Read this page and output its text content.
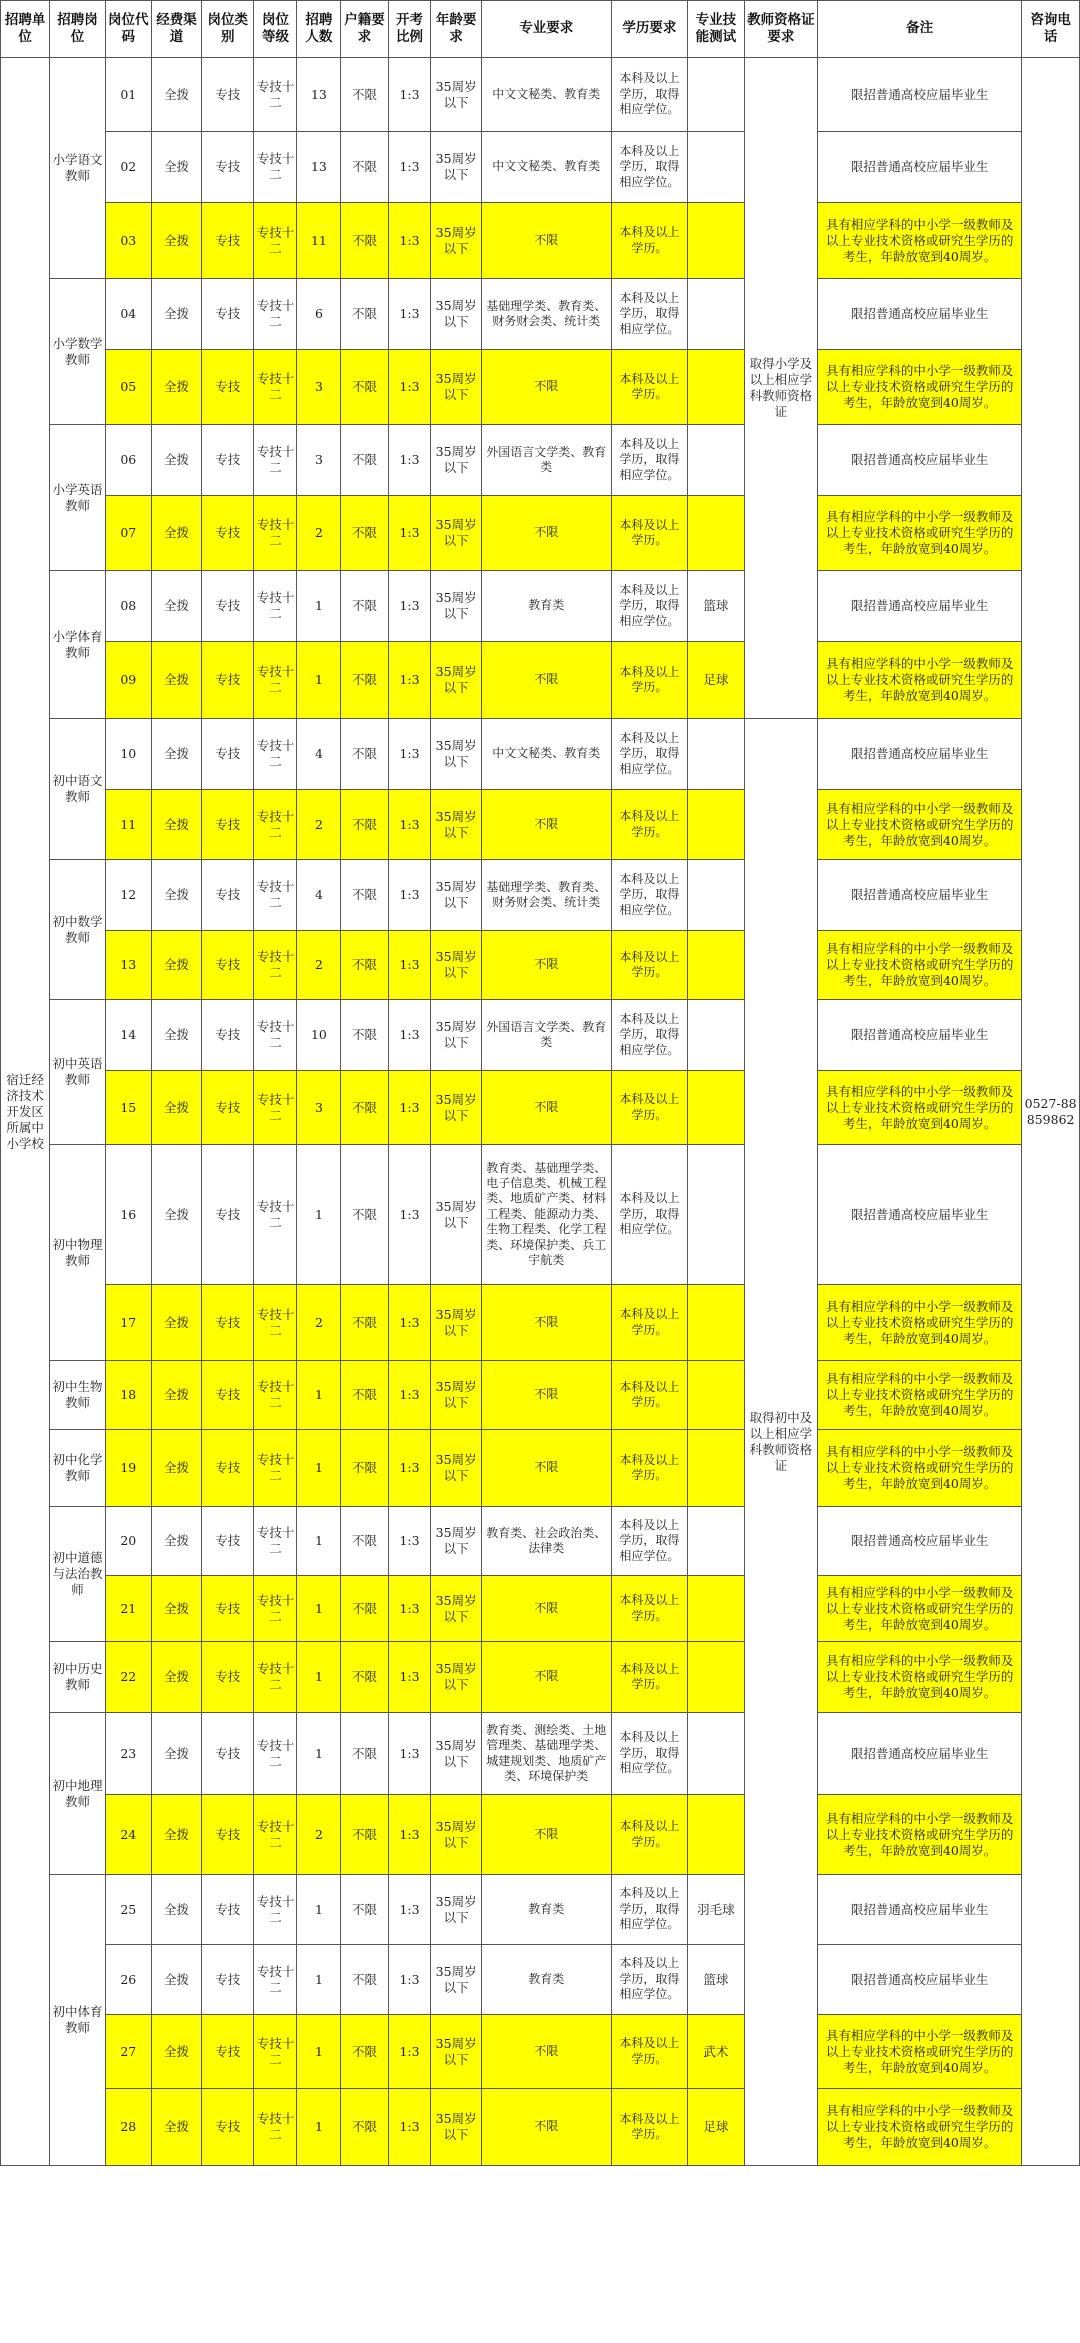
招聘单位	招聘岗位	岗位代码	经费渠道	岗位类别	岗位等级	招聘人数	户籍要求	开考比例	年龄要求	专业要求	学历要求	专业技能测试	教师资格证要求	备注	咨询电话
宿迁经济技术开发区所属中小学校	小学语文教师	01	全拨	专技	专技十二	13	不限	1:3	35周岁以下	中文文秘类、教育类	本科及以上学历，取得相应学位。		取得小学及以上相应学科教师资格证	限招普通高校应届毕业生	0527-88859862
		02	全拨	专技	专技十二	13	不限	1:3	35周岁以下	中文文秘类、教育类	本科及以上学历，取得相应学位。			限招普通高校应届毕业生	
		03	全拨	专技	专技十二	11	不限	1:3	35周岁以下	不限	本科及以上学历。			具有相应学科的中小学一级教师及以上专业技术资格或研究生学历的考生，年龄放宽到40周岁。	
	小学数学教师	04	全拨	专技	专技十二	6	不限	1:3	35周岁以下	基础理学类、教育类、财务财会类、统计类	本科及以上学历，取得相应学位。			限招普通高校应届毕业生	
		05	全拨	专技	专技十二	3	不限	1:3	35周岁以下	不限	本科及以上学历。			具有相应学科的中小学一级教师及以上专业技术资格或研究生学历的考生，年龄放宽到40周岁。	
	小学英语教师	06	全拨	专技	专技十二	3	不限	1:3	35周岁以下	外国语言文学类、教育类	本科及以上学历，取得相应学位。			限招普通高校应届毕业生	
		07	全拨	专技	专技十二	2	不限	1:3	35周岁以下	不限	本科及以上学历。			具有相应学科的中小学一级教师及以上专业技术资格或研究生学历的考生，年龄放宽到40周岁。	
	小学体育教师	08	全拨	专技	专技十二	1	不限	1:3	35周岁以下	教育类	本科及以上学历，取得相应学位。	篮球		限招普通高校应届毕业生	
		09	全拨	专技	专技十二	1	不限	1:3	35周岁以下	不限	本科及以上学历。	足球		具有相应学科的中小学一级教师及以上专业技术资格或研究生学历的考生，年龄放宽到40周岁。	
	初中语文教师	10	全拨	专技	专技十二	4	不限	1:3	35周岁以下	中文文秘类、教育类	本科及以上学历，取得相应学位。		取得初中及以上相应学科教师资格证	限招普通高校应届毕业生	
		11	全拨	专技	专技十二	2	不限	1:3	35周岁以下	不限	本科及以上学历。			具有相应学科的中小学一级教师及以上专业技术资格或研究生学历的考生，年龄放宽到40周岁。	
	初中数学教师	12	全拨	专技	专技十二	4	不限	1:3	35周岁以下	基础理学类、教育类、财务财会类、统计类	本科及以上学历，取得相应学位。			限招普通高校应届毕业生	
		13	全拨	专技	专技十二	2	不限	1:3	35周岁以下	不限	本科及以上学历。			具有相应学科的中小学一级教师及以上专业技术资格或研究生学历的考生，年龄放宽到40周岁。	
	初中英语教师	14	全拨	专技	专技十二	10	不限	1:3	35周岁以下	外国语言文学类、教育类	本科及以上学历，取得相应学位。			限招普通高校应届毕业生	
		15	全拨	专技	专技十二	3	不限	1:3	35周岁以下	不限	本科及以上学历。			具有相应学科的中小学一级教师及以上专业技术资格或研究生学历的考生，年龄放宽到40周岁。	
	初中物理教师	16	全拨	专技	专技十二	1	不限	1:3	35周岁以下	教育类、基础理学类、电子信息类、机械工程类、地质矿产类、材料工程类、能源动力类、生物工程类、化学工程类、环境保护类、兵工宇航类	本科及以上学历，取得相应学位。			限招普通高校应届毕业生	
		17	全拨	专技	专技十二	2	不限	1:3	35周岁以下	不限	本科及以上学历。			具有相应学科的中小学一级教师及以上专业技术资格或研究生学历的考生，年龄放宽到40周岁。	
	初中生物教师	18	全拨	专技	专技十二	1	不限	1:3	35周岁以下	不限	本科及以上学历。			具有相应学科的中小学一级教师及以上专业技术资格或研究生学历的考生，年龄放宽到40周岁。	
	初中化学教师	19	全拨	专技	专技十二	1	不限	1:3	35周岁以下	不限	本科及以上学历。			具有相应学科的中小学一级教师及以上专业技术资格或研究生学历的考生，年龄放宽到40周岁。	
	初中道德与法治教师	20	全拨	专技	专技十二	1	不限	1:3	35周岁以下	教育类、社会政治类、法律类	本科及以上学历，取得相应学位。			限招普通高校应届毕业生	
		21	全拨	专技	专技十二	1	不限	1:3	35周岁以下	不限	本科及以上学历。			具有相应学科的中小学一级教师及以上专业技术资格或研究生学历的考生，年龄放宽到40周岁。	
	初中历史教师	22	全拨	专技	专技十二	1	不限	1:3	35周岁以下	不限	本科及以上学历。			具有相应学科的中小学一级教师及以上专业技术资格或研究生学历的考生，年龄放宽到40周岁。	
	初中地理教师	23	全拨	专技	专技十二	1	不限	1:3	35周岁以下	教育类、测绘类、土地管理类、基础理学类、城建规划类、地质矿产类、环境保护类	本科及以上学历，取得相应学位。			限招普通高校应届毕业生	
		24	全拨	专技	专技十二	2	不限	1:3	35周岁以下	不限	本科及以上学历。			具有相应学科的中小学一级教师及以上专业技术资格或研究生学历的考生，年龄放宽到40周岁。	
	初中体育教师	25	全拨	专技	专技十二	1	不限	1:3	35周岁以下	教育类	本科及以上学历，取得相应学位。	羽毛球		限招普通高校应届毕业生	
		26	全拨	专技	专技十二	1	不限	1:3	35周岁以下	教育类	本科及以上学历，取得相应学位。	篮球		限招普通高校应届毕业生	
		27	全拨	专技	专技十二	1	不限	1:3	35周岁以下	不限	本科及以上学历。	武术		具有相应学科的中小学一级教师及以上专业技术资格或研究生学历的考生，年龄放宽到40周岁。	
		28	全拨	专技	专技十二	1	不限	1:3	35周岁以下	不限	本科及以上学历。	足球		具有相应学科的中小学一级教师及以上专业技术资格或研究生学历的考生，年龄放宽到40周岁。	
